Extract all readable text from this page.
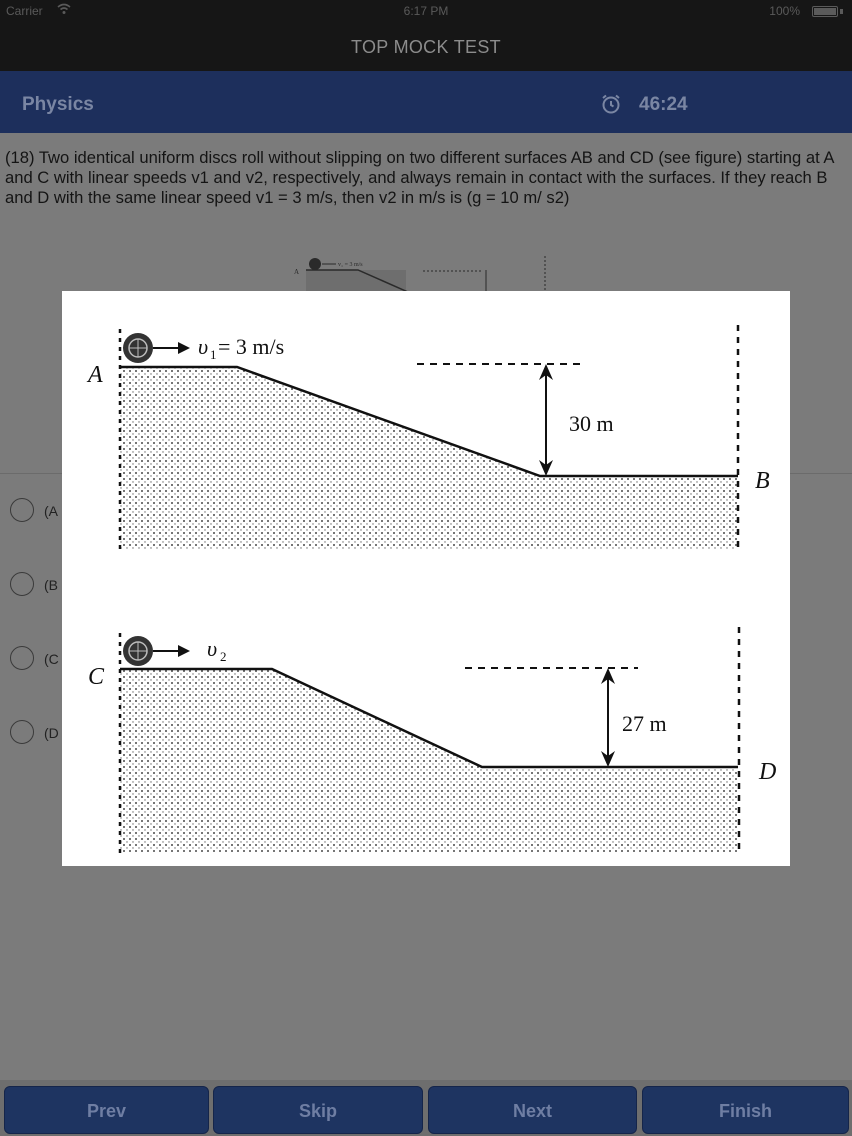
Carrier	6:17 PM	100%
TOP MOCK TEST
Physics	46:24
(18) Two identical uniform discs roll without slipping on two different surfaces AB and CD (see figure) starting at A and C with linear speeds v1 and v2, respectively, and always remain in contact with the surfaces. If they reach B and D with the same linear speed v1 = 3 m/s, then v2 in m/s is (g = 10 m/ s2)
v₁ = 3 m/s
A
(A
(B
(C
(D
υ 1 = 3 m/s
A
B
30 m
υ 2
C
D
27 m
Prev	Skip	Next	Finish
